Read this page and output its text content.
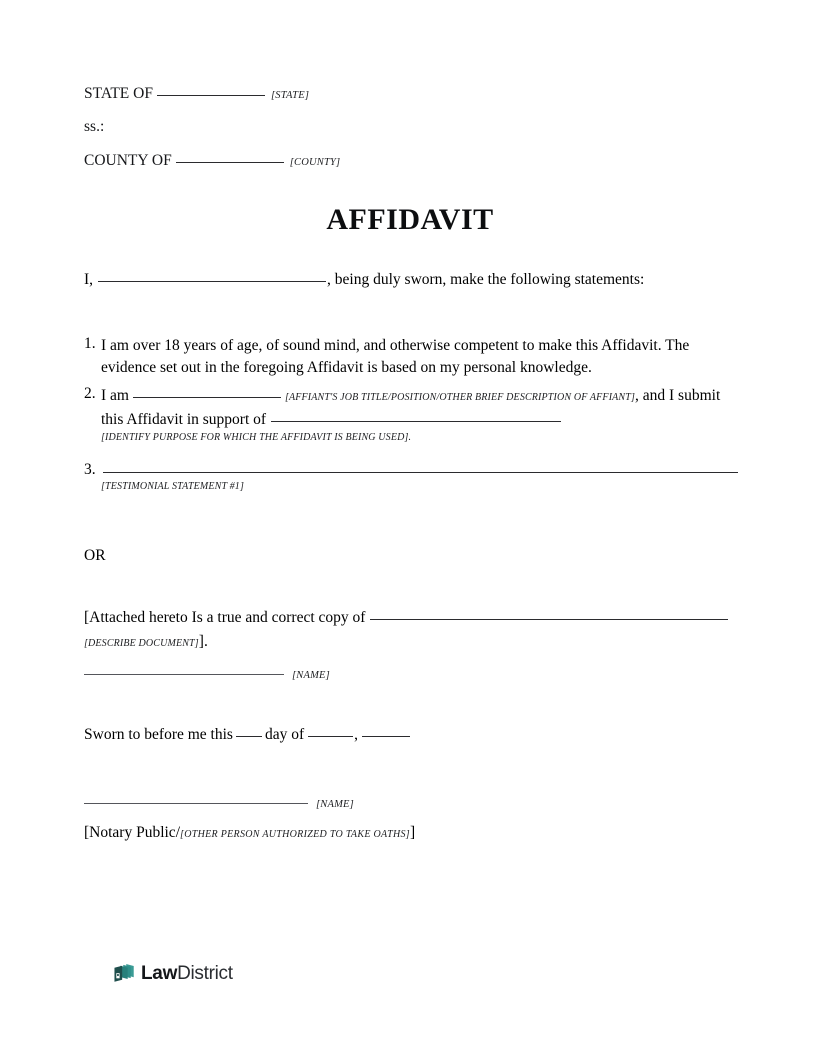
STATE OF	[STATE]
ss.:
COUNTY OF	[COUNTY]
AFFIDAVIT
I,	, being duly sworn, make the following statements:
1. I am over 18 years of age, of sound mind, and otherwise competent to make this Affidavit. The evidence set out in the foregoing Affidavit is based on my personal knowledge.
2. I am	[AFFIANT'S JOB TITLE/POSITION/OTHER BRIEF DESCRIPTION OF AFFIANT], and I submit
this Affidavit in support of
[IDENTIFY PURPOSE FOR WHICH THE AFFIDAVIT IS BEING USED].
3.
[TESTIMONIAL STATEMENT #1]
OR
[Attached hereto Is a true and correct copy of
[DESCRIBE DOCUMENT]].
[NAME]
Sworn to before me this day of	,
[NAME]
[Notary Public/[OTHER PERSON AUTHORIZED TO TAKE OATHS]]
LawDistrict
